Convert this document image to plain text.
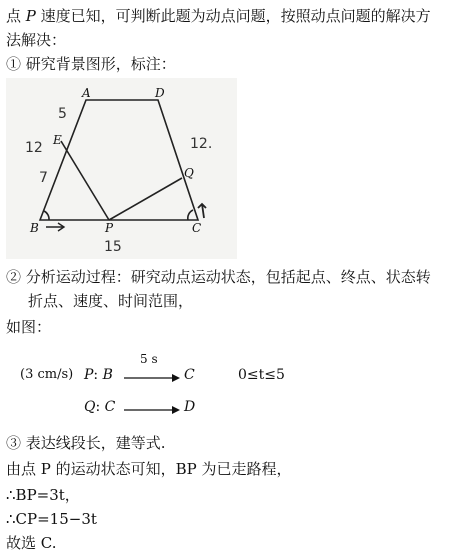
点 P 速度已知，可判断此题为动点问题，按照动点问题的解决方
法解决：
① 研究背景图形，标注：
A	D
E
Q
B	P	C
5
12	12.
7
15
② 分析运动过程：研究动点运动状态，包括起点、终点、状态转
折点、速度、时间范围，
如图：
(3 cm/s) P: B
5 s
C	0≤t≤5
Q: C	D
③ 表达线段长，建等式.
由点 P 的运动状态可知，BP 为已走路程，
∴BP=3t，
∴CP=15−3t
故选 C.
